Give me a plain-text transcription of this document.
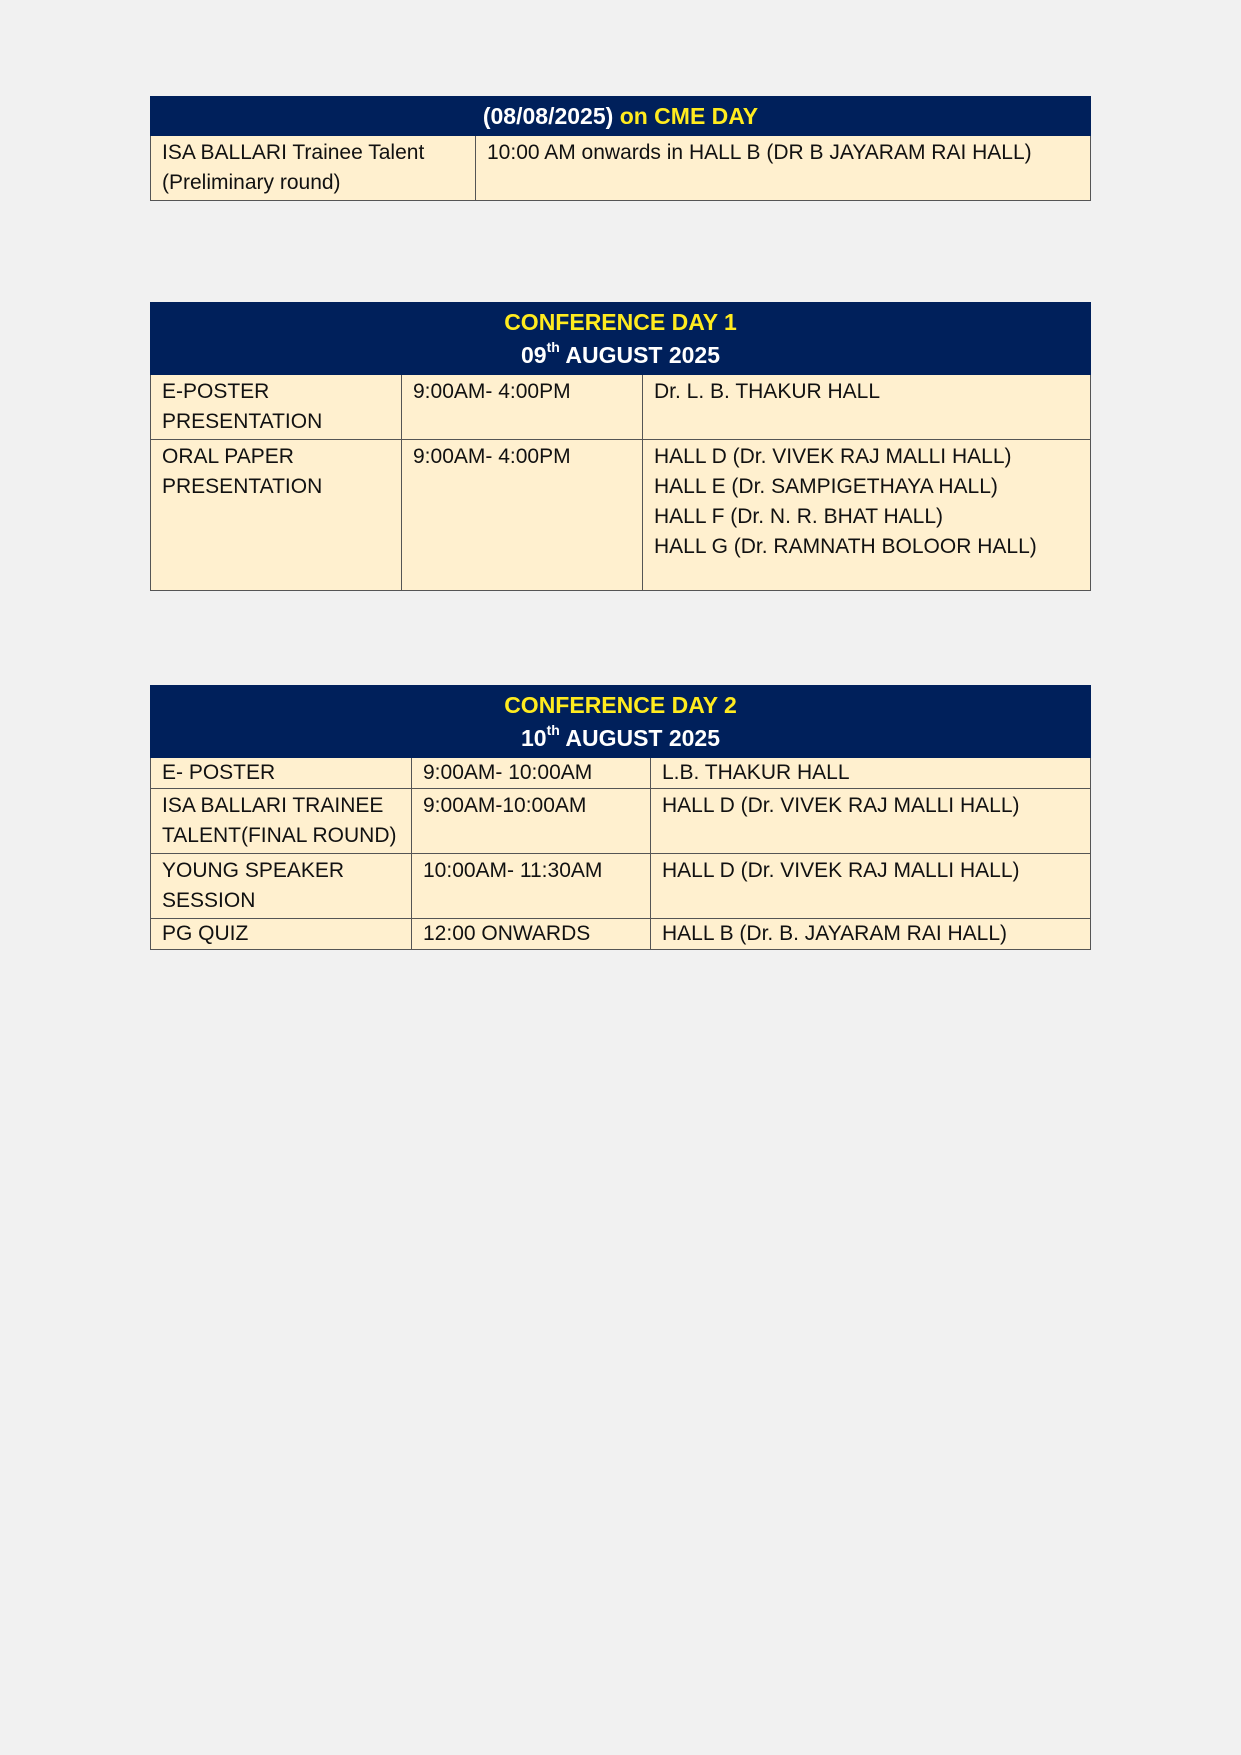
(08/08/2025) on CME DAY

ISA BALLARI Trainee Talent
(Preliminary round)
	10:00 AM onwards in HALL B (DR B JAYARAM RAI HALL)
CONFERENCE DAY 1
09th AUGUST 2025		

E-POSTER
PRESENTATION	9:00AM- 4:00PM	Dr. L. B. THAKUR HALL

ORAL PAPER
PRESENTATION	9:00AM- 4:00PM	HALL D (Dr. VIVEK RAJ MALLI HALL)
HALL E (Dr. SAMPIGETHAYA HALL)
HALL F (Dr. N. R. BHAT HALL)
HALL G (Dr. RAMNATH BOLOOR HALL)
CONFERENCE DAY 2
10th AUGUST 2025		

E- POSTER	9:00AM- 10:00AM	L.B. THAKUR HALL

ISA BALLARI TRAINEE
TALENT(FINAL ROUND)	9:00AM-10:00AM	HALL D (Dr. VIVEK RAJ MALLI HALL)

YOUNG SPEAKER
SESSION	10:00AM- 11:30AM	HALL D (Dr. VIVEK RAJ MALLI HALL)

PG QUIZ	12:00 ONWARDS	HALL B (Dr. B. JAYARAM RAI HALL)
